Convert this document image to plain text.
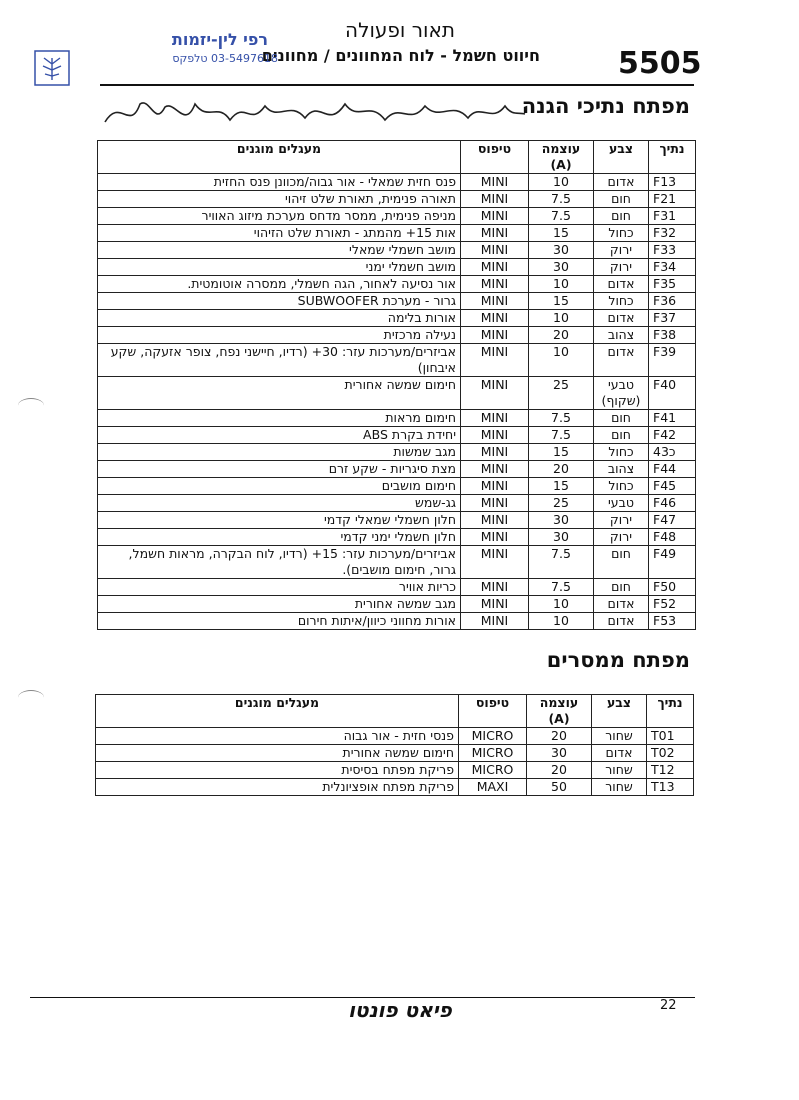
תאור ופעולה
חיווט חשמל - לוח המחוונים / מחוונים	5505
רפי לין-יזמות
03-5497618 טלפקס
מפתח נתיכי הגנה
נתיך	צבע	עוצמה (A)	טיפוס	מעגלים מוגנים
F13	אדום	10	MINI	פנס חזית שמאלי - אור גבוה/מכוונן פנס החזית
F21	חום	7.5	MINI	תאורה פנימית, תאורת שלט זיהוי
F31	חום	7.5	MINI	מניפה פנימית, ממסר מדחס מערכת מיזוג האוויר
F32	כחול	15	MINI	אות 15+ מהמתג - תאורת שלט הזיהוי
F33	ירוק	30	MINI	מושב חשמלי שמאלי
F34	ירוק	30	MINI	מושב חשמלי ימני
F35	אדום	10	MINI	אור נסיעה לאחור, הגה חשמלי, ממסרה אוטומטית.
F36	כחול	15	MINI	גרור - מערכת SUBWOOFER
F37	אדום	10	MINI	אורות בלימה
F38	צהוב	20	MINI	נעילה מרכזית
F39	אדום	10	MINI	אביזרים/מערכות עזר: 30+ (רדיו, חיישני נפח, צופר אזעקה, שקע איבחון)
F40	טבעי (שקוף)	25	MINI	חימום שמשה אחורית
F41	חום	7.5	MINI	חימום מראות
F42	חום	7.5	MINI	יחידת בקרת ABS
43כ	כחול	15	MINI	מגב שמשות
F44	צהוב	20	MINI	מצת סיגריות - שקע זרם
F45	כחול	15	MINI	חימום מושבים
F46	טבעי	25	MINI	גג-שמש
F47	ירוק	30	MINI	חלון חשמלי שמאלי קדמי
F48	ירוק	30	MINI	חלון חשמלי ימני קדמי
F49	חום	7.5	MINI	אביזרים/מערכות עזר: 15+ (רדיו, לוח הבקרה, מראות חשמל, גרור, חימום מושבים).
F50	חום	7.5	MINI	כריות אוויר
F52	אדום	10	MINI	מגב שמשה אחורית
F53	אדום	10	MINI	אורות מחווני כיוון/איתות חירום
מפתח ממסרים
נתיך	צבע	עוצמה (A)	טיפוס	מעגלים מוגנים
T01	שחור	20	MICRO	פנסי חזית - אור גבוה
T02	אדום	30	MICRO	חימום שמשה אחורית
T12	שחור	20	MICRO	פריקת מפתח בסיסית
T13	שחור	50	MAXI	פריקת מפתח אופציונלית
פיאט פונטו	22
